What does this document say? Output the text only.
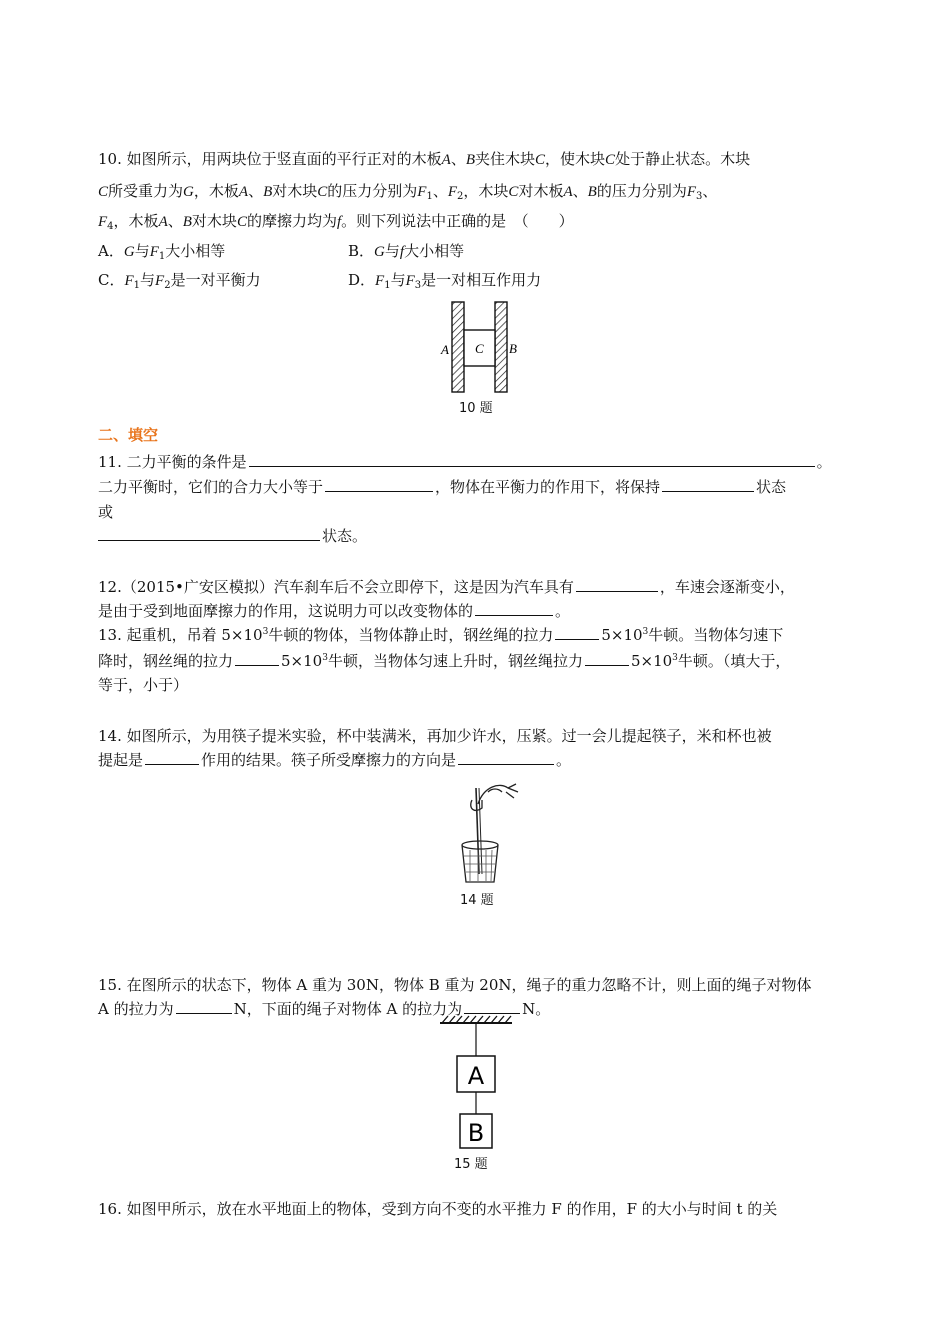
10. 如图所示，用两块位于竖直面的平行正对的木板A、B夹住木块C，使木块C处于静止状态。木块
C所受重力为G，木板A、B对木块C的压力分别为$F_1$、$F_2$，木块C对木板A、B的压力分别为$F_3$、
$F_4$，木板A、B对木块C的摩擦力均为f。则下列说法中正确的是　（　　）
A．G与$F_1$大小相等	B．G与f大小相等
C．$F_1$与$F_2$是一对平衡力	D．$F_1$与$F_3$是一对相互作用力
A C B
10 题
二、填空
11. 二力平衡的条件是	。
二力平衡时，它们的合力大小等于	，物体在平衡力的作用下，将保持	状态
或
状态。
12.（2015•广安区模拟）汽车刹车后不会立即停下，这是因为汽车具有	，车速会逐渐变小，
是由于受到地面摩擦力的作用，这说明力可以改变物体的	。
13. 起重机，吊着 $5\times 10^3$牛顿的物体，当物体静止时，钢丝绳的拉力	$5\times 10^3$牛顿。当物体匀速下
降时，钢丝绳的拉力	$5\times 10^3$牛顿，当物体匀速上升时，钢丝绳拉力	$5\times 10^3$牛顿。（填大于，
等于，小于）
14. 如图所示，为用筷子提米实验，杯中装满米，再加少许水，压紧。过一会儿提起筷子，米和杯也被
提起是	作用的结果。筷子所受摩擦力的方向是	。
14 题
15. 在图所示的状态下，物体 A 重为 30N，物体 B 重为 20N，绳子的重力忽略不计，则上面的绳子对物体
A 的拉力为	N，下面的绳子对物体 A 的拉力为	N。
A
B
15 题
16. 如图甲所示，放在水平地面上的物体，受到方向不变的水平推力 F 的作用，F 的大小与时间 t 的关
